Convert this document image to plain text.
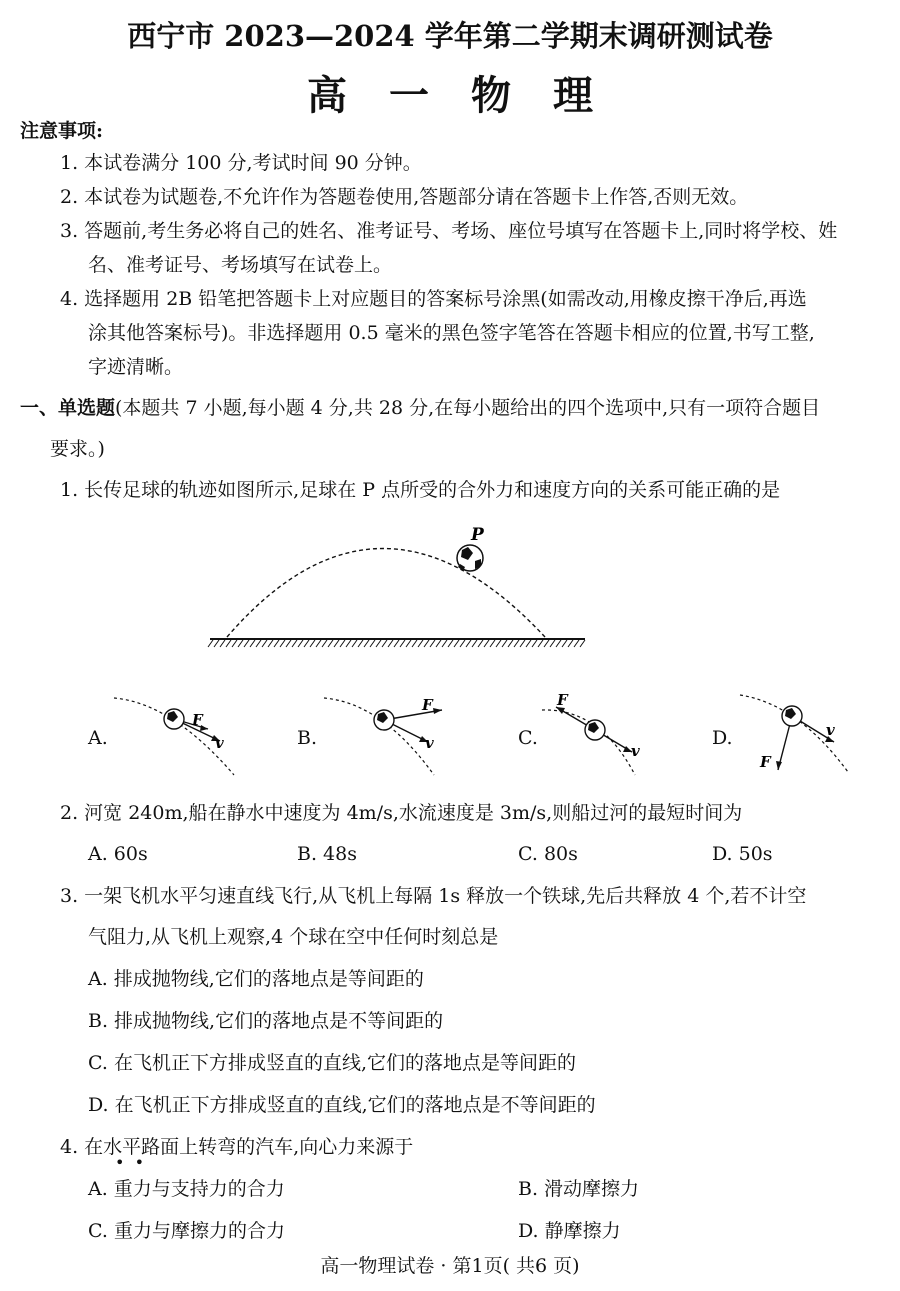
西宁市 2023—2024 学年第二学期末调研测试卷
高一物理
注意事项:
1. 本试卷满分 100 分,考试时间 90 分钟。
2. 本试卷为试题卷,不允许作为答题卷使用,答题部分请在答题卡上作答,否则无效。
3. 答题前,考生务必将自己的姓名、准考证号、考场、座位号填写在答题卡上,同时将学校、姓
名、准考证号、考场填写在试卷上。
4. 选择题用 2B 铅笔把答题卡上对应题目的答案标号涂黑(如需改动,用橡皮擦干净后,再选
涂其他答案标号)。非选择题用 0.5 毫米的黑色签字笔答在答题卡相应的位置,书写工整,
字迹清晰。
一、单选题(本题共 7 小题,每小题 4 分,共 28 分,在每小题给出的四个选项中,只有一项符合题目
要求。)
1. 长传足球的轨迹如图所示,足球在 P 点所受的合外力和速度方向的关系可能正确的是
P
A.
F
v	B.
F
v	C.
F
v
D.
F
v
2. 河宽 240m,船在静水中速度为 4m/s,水流速度是 3m/s,则船过河的最短时间为
A. 60s	B. 48s	C. 80s	D. 50s
3. 一架飞机水平匀速直线飞行,从飞机上每隔 1s 释放一个铁球,先后共释放 4 个,若不计空
气阻力,从飞机上观察,4 个球在空中任何时刻总是
A. 排成抛物线,它们的落地点是等间距的
B. 排成抛物线,它们的落地点是不等间距的
C. 在飞机正下方排成竖直的直线,它们的落地点是等间距的
D. 在飞机正下方排成竖直的直线,它们的落地点是不等间距的
4. 在水平路面上转弯的汽车,向心力来源于
•  •
A. 重力与支持力的合力	B. 滑动摩擦力
C. 重力与摩擦力的合力	D. 静摩擦力
高一物理试卷 · 第1页( 共6 页)
